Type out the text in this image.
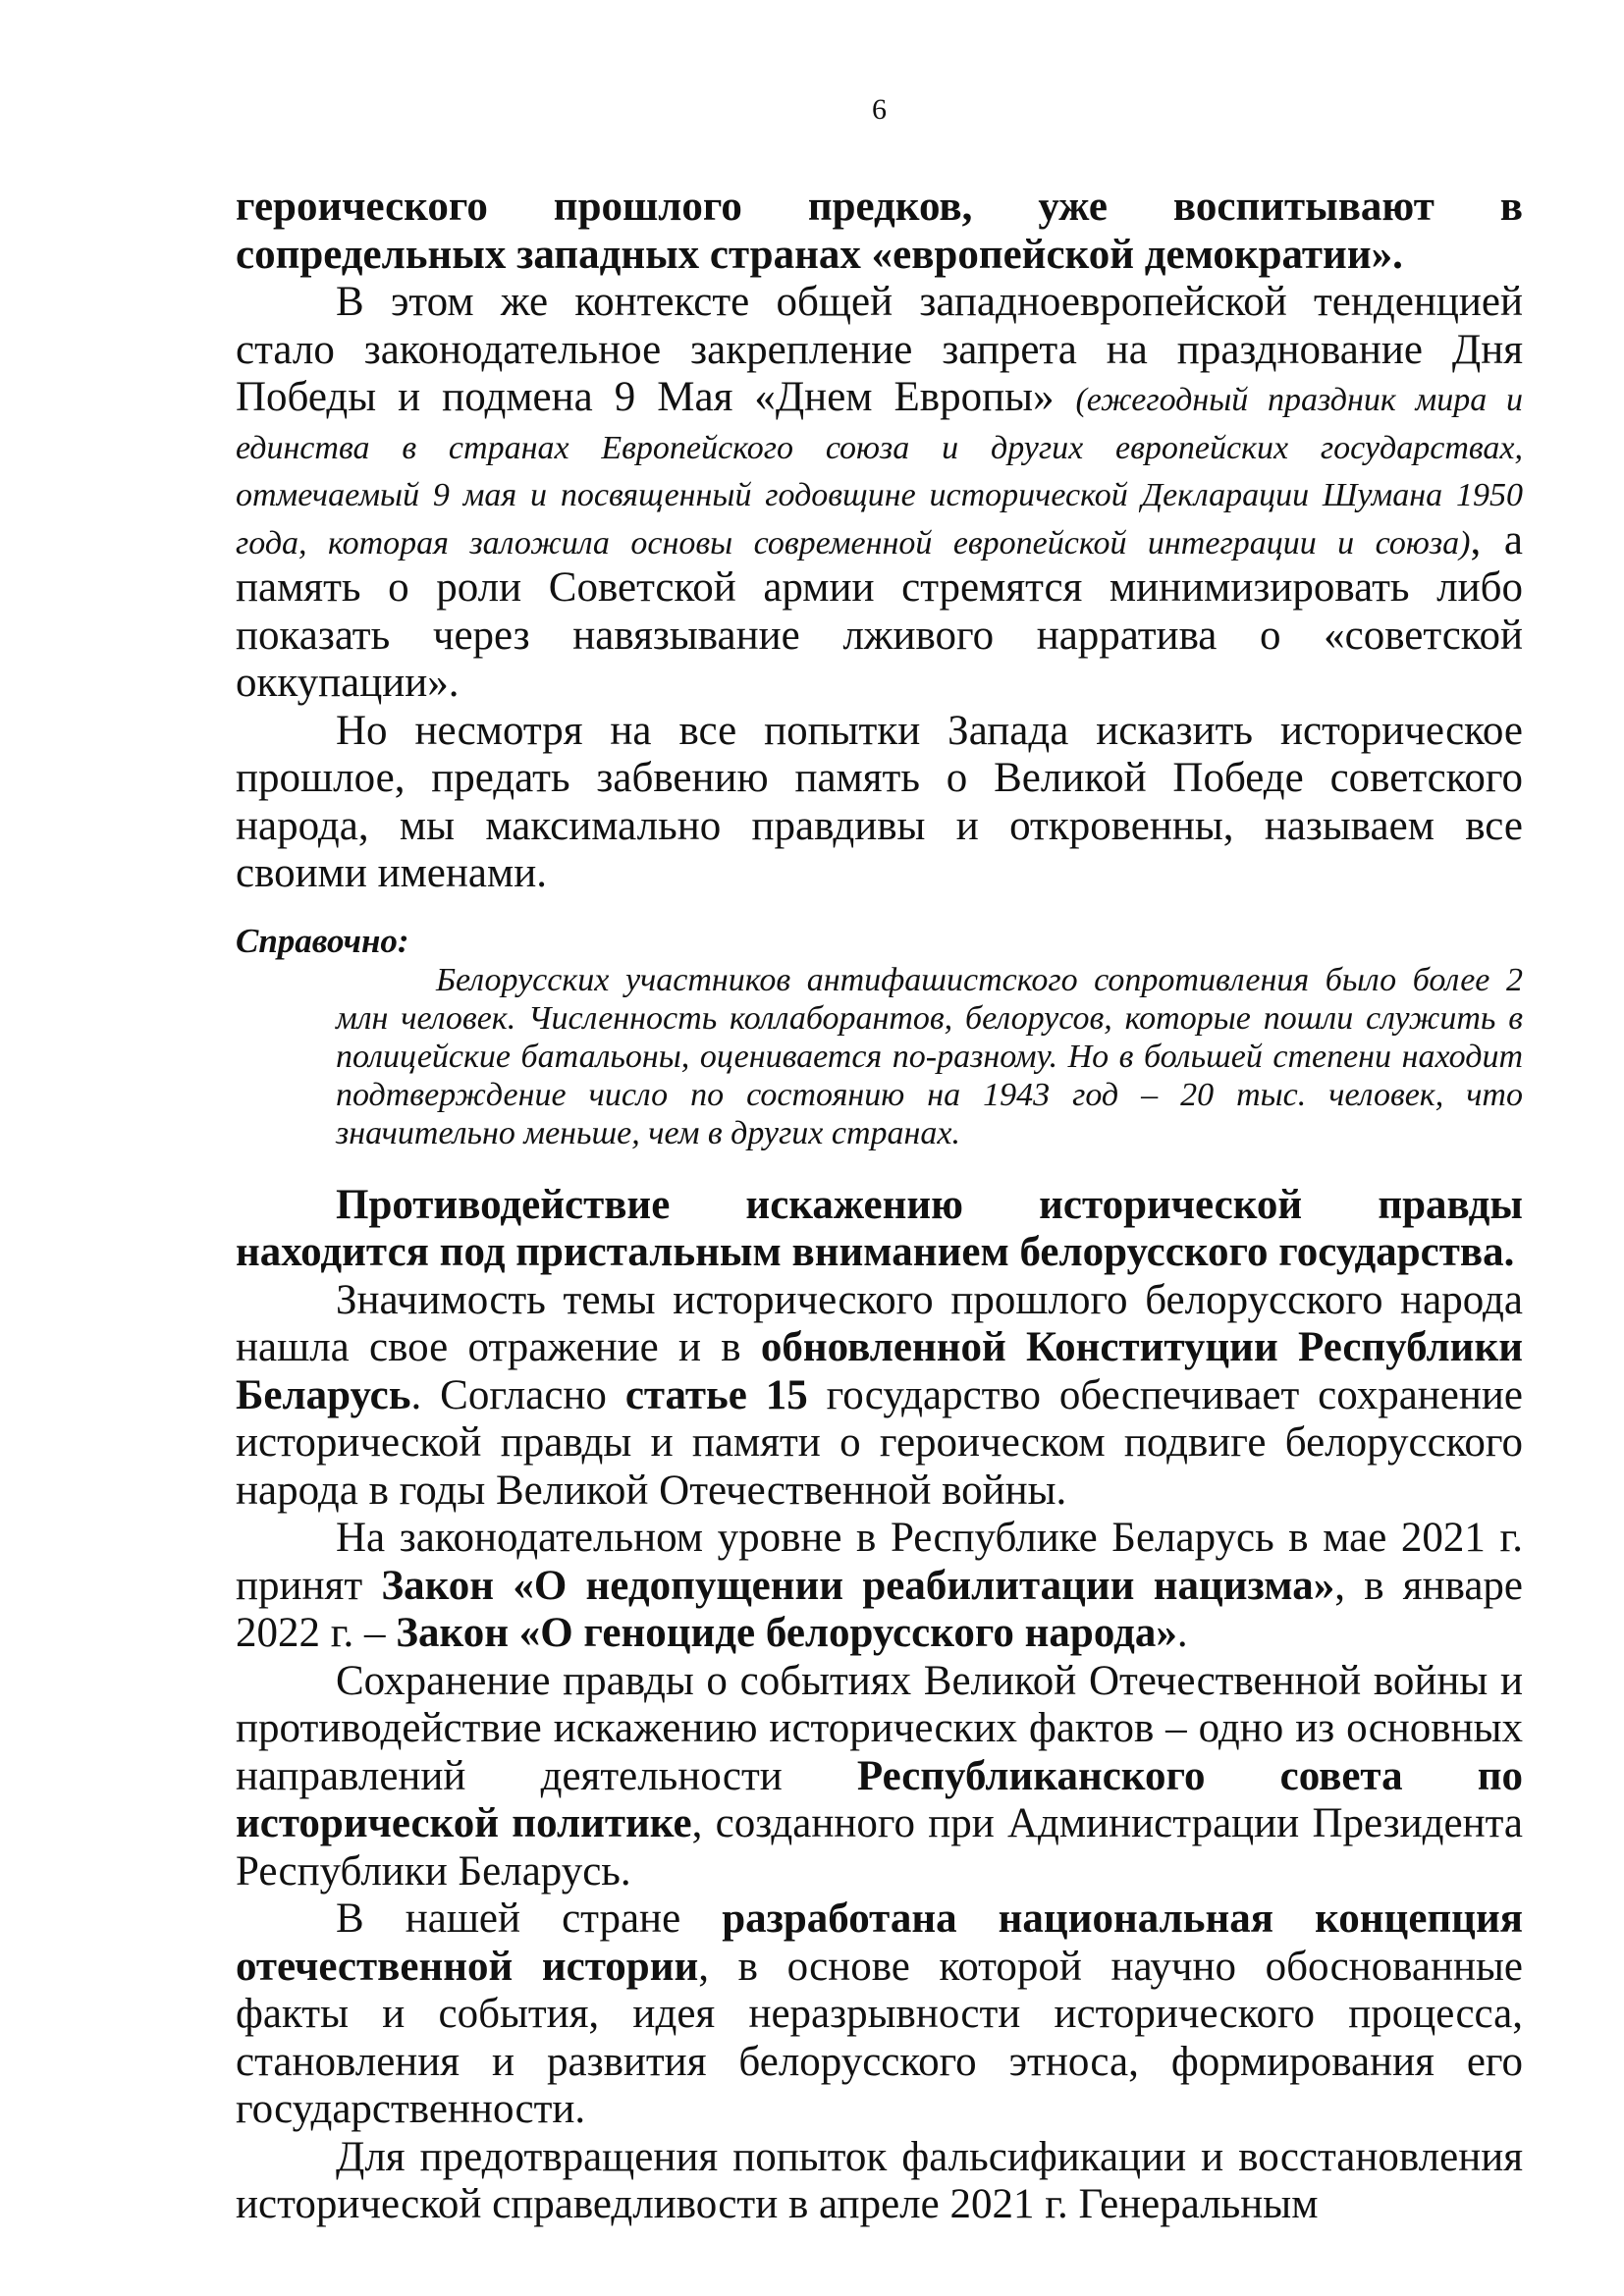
6

героического прошлого предков, уже воспитывают в сопредельных западных странах «европейской демократии».

В этом же контексте общей западноевропейской тенденцией стало законодательное закрепление запрета на празднование Дня Победы и подмена 9 Мая «Днем Европы» (ежегодный праздник мира и единства в странах Европейского союза и других европейских государствах, отмечаемый 9 мая и посвященный годовщине исторической Декларации Шумана 1950 года, которая заложила основы современной европейской интеграции и союза), а память о роли Советской армии стремятся минимизировать либо показать через навязывание лживого нарратива о «советской оккупации».

Но несмотря на все попытки Запада исказить историческое прошлое, предать забвению память о Великой Победе советского народа, мы максимально правдивы и откровенны, называем все своими именами.

Справочно:

Белорусских участников антифашистского сопротивления было более 2 млн человек. Численность коллаборантов, белорусов, которые пошли служить в полицейские батальоны, оценивается по-разному. Но в большей степени находит подтверждение число по состоянию на 1943 год – 20 тыс. человек, что значительно меньше, чем в других странах.

Противодействие искажению исторической правды находится под пристальным вниманием белорусского государства.

Значимость темы исторического прошлого белорусского народа нашла свое отражение и в обновленной Конституции Республики Беларусь. Согласно статье 15 государство обеспечивает сохранение исторической правды и памяти о героическом подвиге белорусского народа в годы Великой Отечественной войны.

На законодательном уровне в Республике Беларусь в мае 2021 г. принят Закон «О недопущении реабилитации нацизма», в январе 2022 г. – Закон «О геноциде белорусского народа».

Сохранение правды о событиях Великой Отечественной войны и противодействие искажению исторических фактов – одно из основных направлений деятельности Республиканского совета по исторической политике, созданного при Администрации Президента Республики Беларусь.

В нашей стране разработана национальная концепция отечественной истории, в основе которой научно обоснованные факты и события, идея неразрывности исторического процесса, становления и развития белорусского этноса, формирования его государственности.

Для предотвращения попыток фальсификации и восстановления исторической справедливости в апреле 2021 г. Генеральным
